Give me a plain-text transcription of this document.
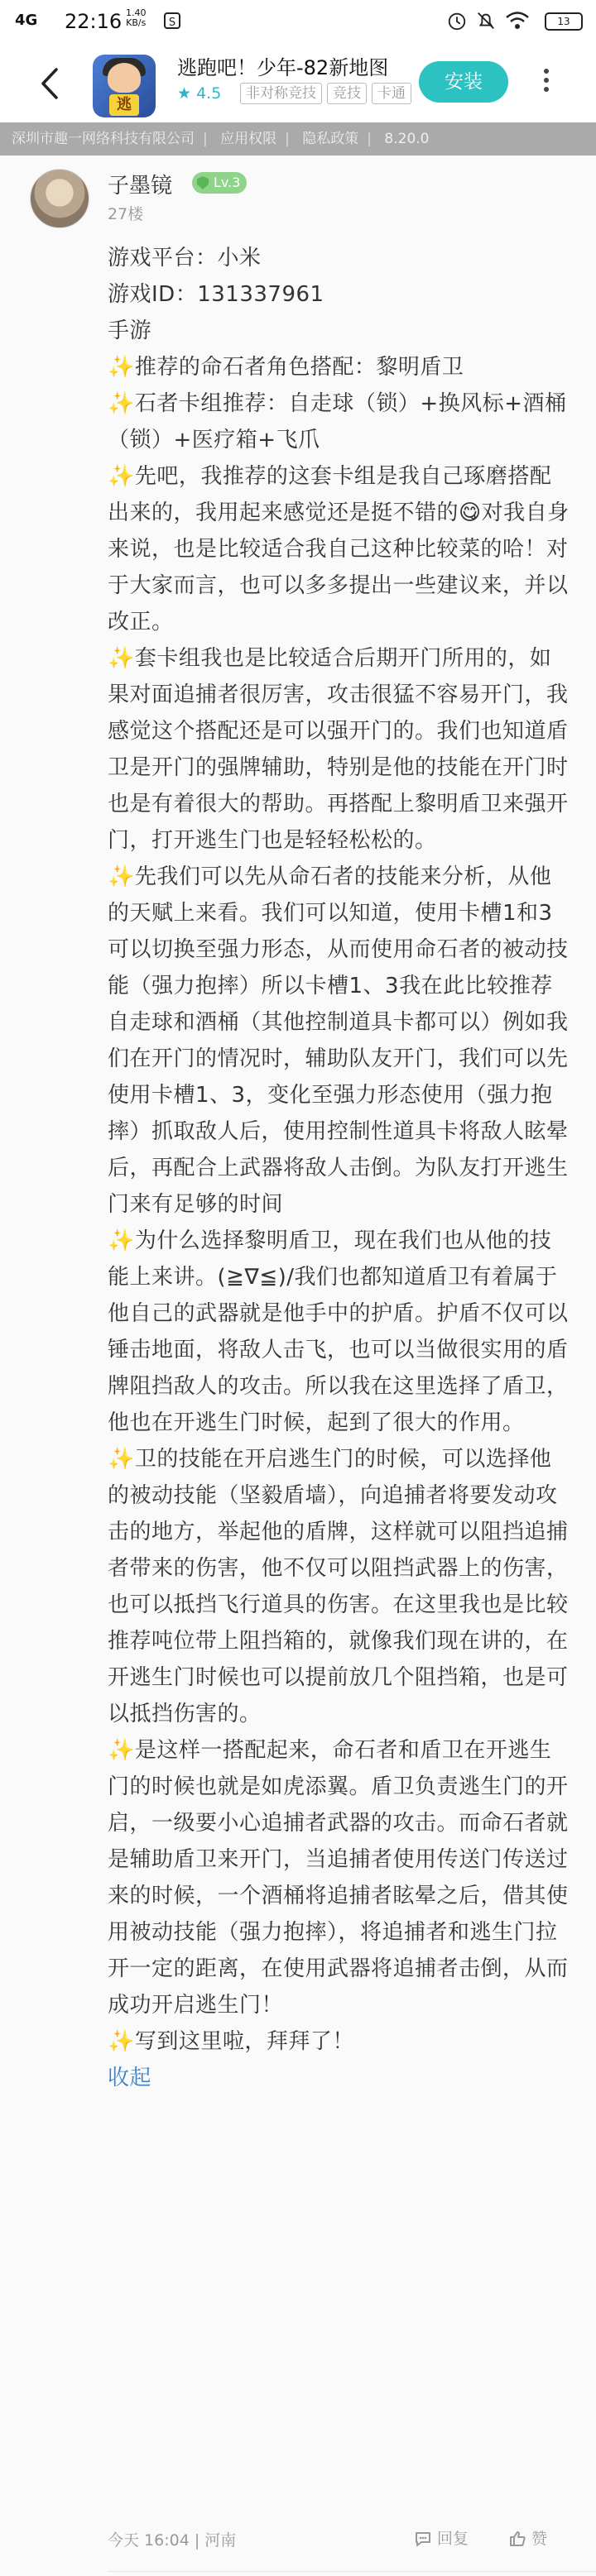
4G 22:16 1.40
KB/s S	13
逃
逃跑吧！少年-82新地图
★ 4.5	非对称竞技	竞技	卡通
安装
深圳市趣一网络科技有限公司 | 应用权限 | 隐私政策 | 8.20.0
子墨镜	Lv.3
27楼

游戏平台：小米

游戏ID：131337961

手游

✨推荐的命石者角色搭配：黎明盾卫

✨石者卡组推荐：自走球（锁）+换风标+酒桶（锁）+医疗箱+飞爪

✨先吧，我推荐的这套卡组是我自己琢磨搭配出来的，我用起来感觉还是挺不错的😋对我自身来说，也是比较适合我自己这种比较菜的哈！对于大家而言，也可以多多提出一些建议来，并以改正。

✨套卡组我也是比较适合后期开门所用的，如果对面追捕者很厉害，攻击很猛不容易开门，我感觉这个搭配还是可以强开门的。我们也知道盾卫是开门的强牌辅助，特别是他的技能在开门时也是有着很大的帮助。再搭配上黎明盾卫来强开门，打开逃生门也是轻轻松松的。

✨先我们可以先从命石者的技能来分析，从他的天赋上来看。我们可以知道，使用卡槽1和3可以切换至强力形态，从而使用命石者的被动技能（强力抱摔）所以卡槽1、3我在此比较推荐自走球和酒桶（其他控制道具卡都可以）例如我们在开门的情况时，辅助队友开门，我们可以先使用卡槽1、3，变化至强力形态使用（强力抱摔）抓取敌人后，使用控制性道具卡将敌人眩晕后，再配合上武器将敌人击倒。为队友打开逃生门来有足够的时间

✨为什么选择黎明盾卫，现在我们也从他的技能上来讲。(≧∇≦)/我们也都知道盾卫有着属于他自己的武器就是他手中的护盾。护盾不仅可以锤击地面，将敌人击飞，也可以当做很实用的盾牌阻挡敌人的攻击。所以我在这里选择了盾卫，他也在开逃生门时候，起到了很大的作用。

✨卫的技能在开启逃生门的时候，可以选择他的被动技能（坚毅盾墙），向追捕者将要发动攻击的地方，举起他的盾牌，这样就可以阻挡追捕者带来的伤害，他不仅可以阻挡武器上的伤害，也可以抵挡飞行道具的伤害。在这里我也是比较推荐吨位带上阻挡箱的，就像我们现在讲的，在开逃生门时候也可以提前放几个阻挡箱，也是可以抵挡伤害的。

✨是这样一搭配起来，命石者和盾卫在开逃生门的时候也就是如虎添翼。盾卫负责逃生门的开启，一级要小心追捕者武器的攻击。而命石者就是辅助盾卫来开门，当追捕者使用传送门传送过来的时候，一个酒桶将追捕者眩晕之后，借其使用被动技能（强力抱摔），将追捕者和逃生门拉开一定的距离，在使用武器将追捕者击倒，从而成功开启逃生门！

✨写到这里啦，拜拜了！

收起

今天 16:04 | 河南	回复	赞
